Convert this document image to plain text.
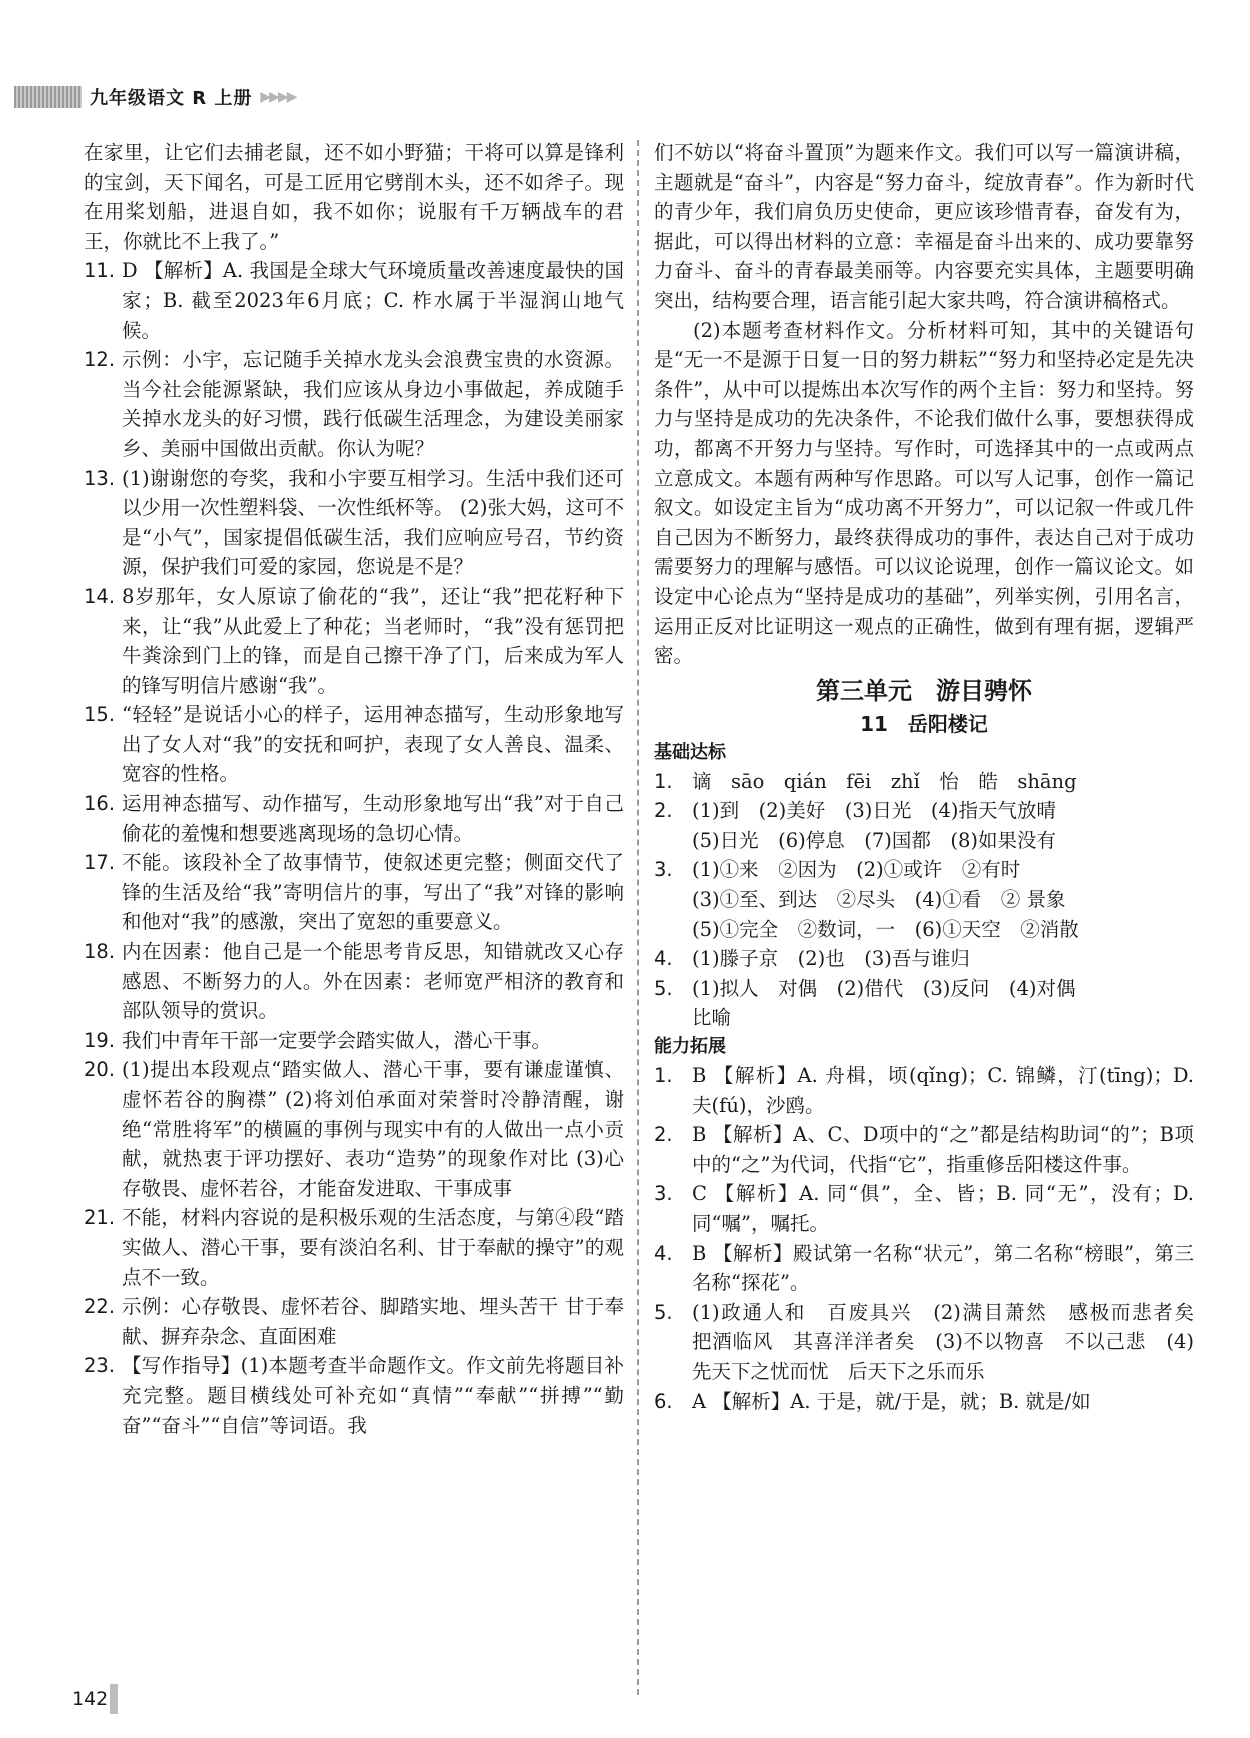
九年级语文 R 上册 ▶▶▶▶

在家里，让它们去捕老鼠，还不如小野猫；干将可以算是锋利的宝剑，天下闻名，可是工匠用它劈削木头，还不如斧子。现在用桨划船，进退自如，我不如你；说服有千万辆战车的君王，你就比不上我了。”

11. D 【解析】A. 我国是全球大气环境质量改善速度最快的国家；B. 截至2023年6月底；C. 柞水属于半湿润山地气候。
12. 示例：小宇，忘记随手关掉水龙头会浪费宝贵的水资源。当今社会能源紧缺，我们应该从身边小事做起，养成随手关掉水龙头的好习惯，践行低碳生活理念，为建设美丽家乡、美丽中国做出贡献。你认为呢？
13. (1)谢谢您的夸奖，我和小宇要互相学习。生活中我们还可以少用一次性塑料袋、一次性纸杯等。 (2)张大妈，这可不是“小气”，国家提倡低碳生活，我们应响应号召，节约资源，保护我们可爱的家园，您说是不是？
14. 8岁那年，女人原谅了偷花的“我”，还让“我”把花籽种下来，让“我”从此爱上了种花；当老师时，“我”没有惩罚把牛粪涂到门上的锋，而是自己擦干净了门，后来成为军人的锋写明信片感谢“我”。
15. “轻轻”是说话小心的样子，运用神态描写，生动形象地写出了女人对“我”的安抚和呵护，表现了女人善良、温柔、宽容的性格。
16. 运用神态描写、动作描写，生动形象地写出“我”对于自己偷花的羞愧和想要逃离现场的急切心情。
17. 不能。该段补全了故事情节，使叙述更完整；侧面交代了锋的生活及给“我”寄明信片的事，写出了“我”对锋的影响和他对“我”的感激，突出了宽恕的重要意义。
18. 内在因素：他自己是一个能思考肯反思，知错就改又心存感恩、不断努力的人。外在因素：老师宽严相济的教育和部队领导的赏识。
19. 我们中青年干部一定要学会踏实做人，潜心干事。
20. (1)提出本段观点“踏实做人、潜心干事，要有谦虚谨慎、虚怀若谷的胸襟” (2)将刘伯承面对荣誉时冷静清醒，谢绝“常胜将军”的横匾的事例与现实中有的人做出一点小贡献，就热衷于评功摆好、表功“造势”的现象作对比 (3)心存敬畏、虚怀若谷，才能奋发进取、干事成事
21. 不能，材料内容说的是积极乐观的生活态度，与第④段“踏实做人、潜心干事，要有淡泊名利、甘于奉献的操守”的观点不一致。
22. 示例：心存敬畏、虚怀若谷、脚踏实地、埋头苦干 甘于奉献、摒弃杂念、直面困难
23. 【写作指导】(1)本题考查半命题作文。作文前先将题目补充完整。题目横线处可补充如“真情”“奉献”“拼搏”“勤奋”“奋斗”“自信”等词语。我

们不妨以“将奋斗置顶”为题来作文。我们可以写一篇演讲稿，主题就是“奋斗”，内容是“努力奋斗，绽放青春”。作为新时代的青少年，我们肩负历史使命，更应该珍惜青春，奋发有为，据此，可以得出材料的立意：幸福是奋斗出来的、成功要靠努力奋斗、奋斗的青春最美丽等。内容要充实具体，主题要明确突出，结构要合理，语言能引起大家共鸣，符合演讲稿格式。

(2)本题考查材料作文。分析材料可知，其中的关键语句是“无一不是源于日复一日的努力耕耘”“努力和坚持必定是先决条件”，从中可以提炼出本次写作的两个主旨：努力和坚持。努力与坚持是成功的先决条件，不论我们做什么事，要想获得成功，都离不开努力与坚持。写作时，可选择其中的一点或两点立意成文。本题有两种写作思路。可以写人记事，创作一篇记叙文。如设定主旨为“成功离不开努力”，可以记叙一件或几件自己因为不断努力，最终获得成功的事件，表达自己对于成功需要努力的理解与感悟。可以议论说理，创作一篇议论文。如设定中心论点为“坚持是成功的基础”，列举实例，引用名言，运用正反对比证明这一观点的正确性，做到有理有据，逻辑严密。

第三单元　游目骋怀
11　岳阳楼记
基础达标
1. 谪　sāo　qián　fēi　zhǐ　怡　皓　shāng
2. (1)到　(2)美好　(3)日光　(4)指天气放晴
(5)日光　(6)停息　(7)国都　(8)如果没有
3. (1)①来　②因为　(2)①或许　②有时
(3)①至、到达　②尽头　(4)①看　② 景象
(5)①完全　②数词，一　(6)①天空　②消散
4. (1)滕子京　(2)也　(3)吾与谁归
5. (1)拟人　对偶　(2)借代　(3)反问　(4)对偶
比喻
能力拓展
1. B 【解析】A. 舟楫，顷(qǐng)；C. 锦鳞，汀(tīng)；D. 夫(fú)，沙鸥。
2. B 【解析】A、C、D项中的“之”都是结构助词“的”；B项中的“之”为代词，代指“它”，指重修岳阳楼这件事。
3. C 【解析】A. 同“俱”，全、皆；B. 同“无”，没有；D. 同“嘱”，嘱托。
4. B 【解析】殿试第一名称“状元”，第二名称“榜眼”，第三名称“探花”。
5. (1)政通人和　百废具兴　(2)满目萧然　感极而悲者矣　把酒临风　其喜洋洋者矣　(3)不以物喜　不以己悲　(4)先天下之忧而忧　后天下之乐而乐
6. A 【解析】A. 于是，就/于是，就；B. 就是/如
142
